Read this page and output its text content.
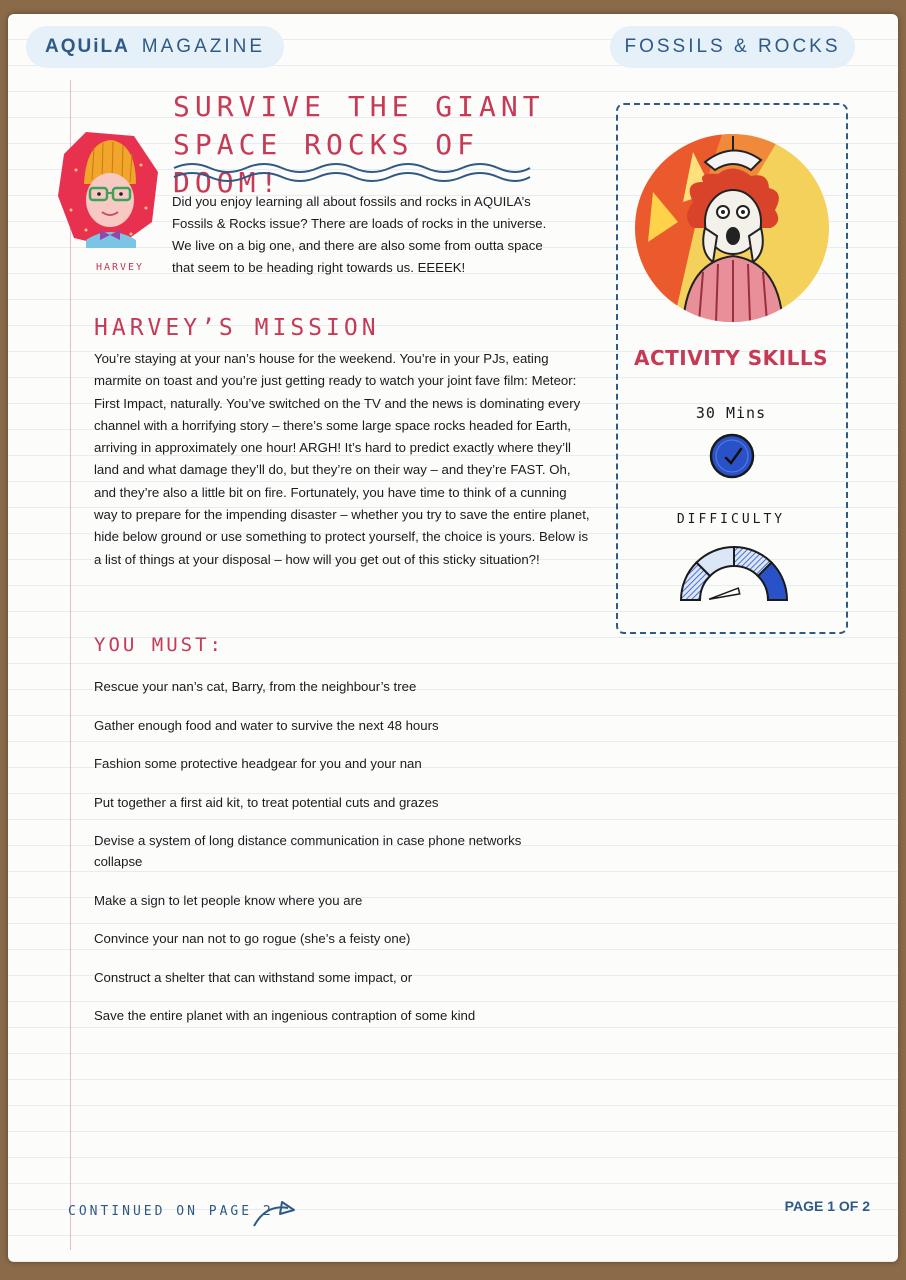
AQUiLA MAGAZINE	FOSSILS & ROCKS
HARVEY
SURVIVE THE GIANT
SPACE ROCKS OF DOOM!

Did you enjoy learning all about fossils and rocks in AQUILA’s Fossils & Rocks issue? There are loads of rocks in the universe. We live on a big one, and there are also some from outta space that seem to be heading right towards us. EEEEK!

HARVEY’S MISSION

You’re staying at your nan’s house for the weekend. You’re in your PJs, eating marmite on toast and you’re just getting ready to watch your joint fave film: Meteor: First Impact, naturally. You’ve switched on the TV and the news is dominating every channel with a horrifying story – there’s some large space rocks headed for Earth, arriving in approximately one hour! ARGH! It’s hard to predict exactly where they’ll land and what damage they’ll do, but they’re on their way – and they’re FAST. Oh, and they’re also a little bit on fire. Fortunately, you have time to think of a cunning way to prepare for the impending disaster – whether you try to save the entire planet, hide below ground or use something to protect yourself, the choice is yours. Below is a list of things at your disposal – how will you get out of this sticky situation?!

YOU MUST:
Rescue your nan’s cat, Barry, from the neighbour’s tree
Gather enough food and water to survive the next 48 hours
Fashion some protective headgear for you and your nan
Put together a first aid kit, to treat potential cuts and grazes
Devise a system of long distance communication in case phone networks collapse
Make a sign to let people know where you are
Convince your nan not to go rogue (she’s a feisty one)
Construct a shelter that can withstand some impact, or
Save the entire planet with an ingenious contraption of some kind
ACTIVITY SKILLS
30 Mins
DIFFICULTY
CONTINUED ON PAGE 2	PAGE 1 OF 2
